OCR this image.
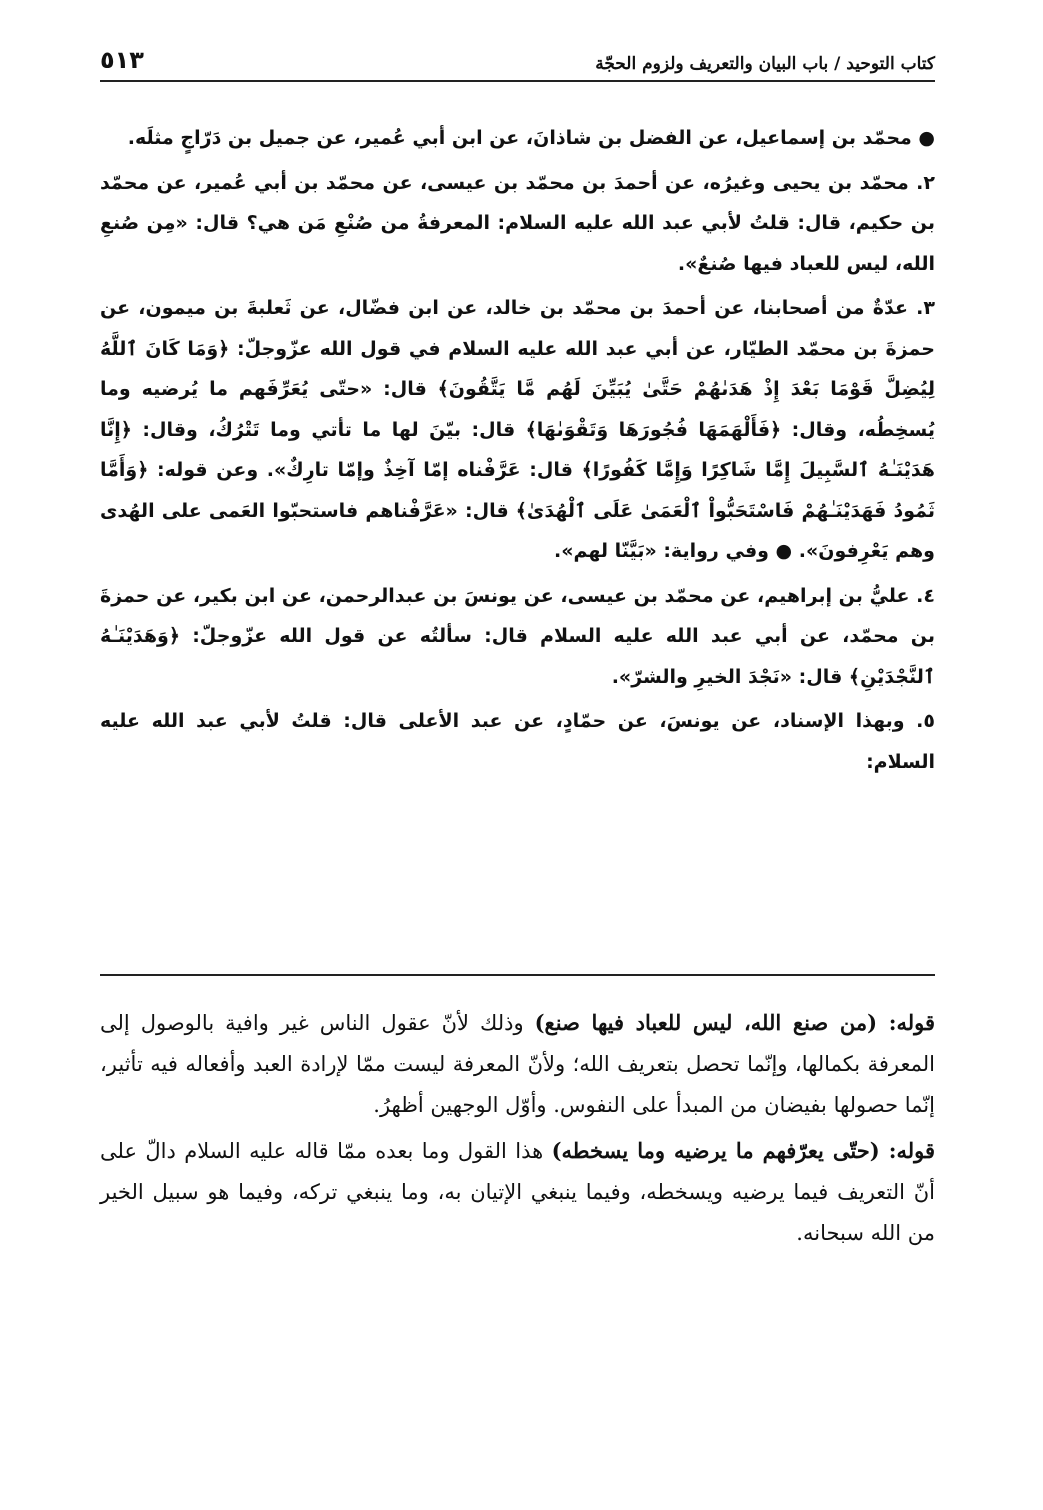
كتاب التوحيد / باب البيان والتعريف ولزوم الحجّة
٥١٣

● محمّد بن إسماعيل، عن الفضل بن شاذانَ، عن ابن أبي عُمير، عن جميل بن دَرّاجٍ مثلَه.

٢. محمّد بن يحيى وغيرُه، عن أحمدَ بن محمّد بن عيسى، عن محمّد بن أبي عُمير، عن محمّد بن حكيم، قال: قلتُ لأبي عبد الله عليه السلام: المعرفةُ من صُنْعِ مَن هي؟ قال: «مِن صُنعِ الله، ليس للعباد فيها صُنعٌ».

٣. عدّةٌ من أصحابنا، عن أحمدَ بن محمّد بن خالد، عن ابن فضّال، عن ثَعلبةَ بن ميمون، عن حمزةَ بن محمّد الطيّار، عن أبي عبد الله عليه السلام في قول الله عزّوجلّ: ﴿وَمَا كَانَ ٱللَّهُ لِيُضِلَّ قَوْمَا بَعْدَ إِذْ هَدَىٰهُمْ حَتَّىٰ يُبَيِّنَ لَهُم مَّا يَتَّقُونَ﴾ قال: «حتّى يُعَرِّفَهم ما يُرضيه وما يُسخِطُه، وقال: ﴿فَأَلْهَمَهَا فُجُورَهَا وَتَقْوَىٰهَا﴾ قال: بيّنَ لها ما تأتي وما تَتْرُكُ، وقال: ﴿إِنَّا هَدَيْنَـٰهُ ٱلسَّبِيلَ إِمَّا شَاكِرًا وَإِمَّا كَفُورًا﴾ قال: عَرَّفْناه إمّا آخِذٌ وإمّا تارِكٌ». وعن قوله: ﴿وَأَمَّا ثَمُودُ فَهَدَيْنَـٰهُمْ فَاسْتَحَبُّواْ ٱلْعَمَىٰ عَلَى ٱلْهُدَىٰ﴾ قال: «عَرَّفْناهم فاستحبّوا العَمى على الهُدى وهم يَعْرِفونَ». ● وفي رواية: «بَيَّنّا لهم».

٤. عليُّ بن إبراهيم، عن محمّد بن عيسى، عن يونسَ بن عبدالرحمن، عن ابن بكير، عن حمزةَ بن محمّد، عن أبي عبد الله عليه السلام قال: سألتُه عن قول الله عزّوجلّ: ﴿وَهَدَيْنَـٰهُ ٱلنَّجْدَيْنِ﴾ قال: «نَجْدَ الخيرِ والشرّ».

٥. وبهذا الإسناد، عن يونسَ، عن حمّادٍ، عن عبد الأعلى قال: قلتُ لأبي عبد الله عليه السلام:

قوله: (من صنع الله، ليس للعباد فيها صنع) وذلك لأنّ عقول الناس غير وافية بالوصول إلى المعرفة بكمالها، وإنّما تحصل بتعريف الله؛ ولأنّ المعرفة ليست ممّا لإرادة العبد وأفعاله فيه تأثير، إنّما حصولها بفيضان من المبدأ على النفوس. وأوّل الوجهين أظهرُ.

قوله: (حتّى يعرّفهم ما يرضيه وما يسخطه) هذا القول وما بعده ممّا قاله عليه السلام دالّ على أنّ التعريف فيما يرضيه ويسخطه، وفيما ينبغي الإتيان به، وما ينبغي تركه، وفيما هو سبيل الخير من الله سبحانه.
